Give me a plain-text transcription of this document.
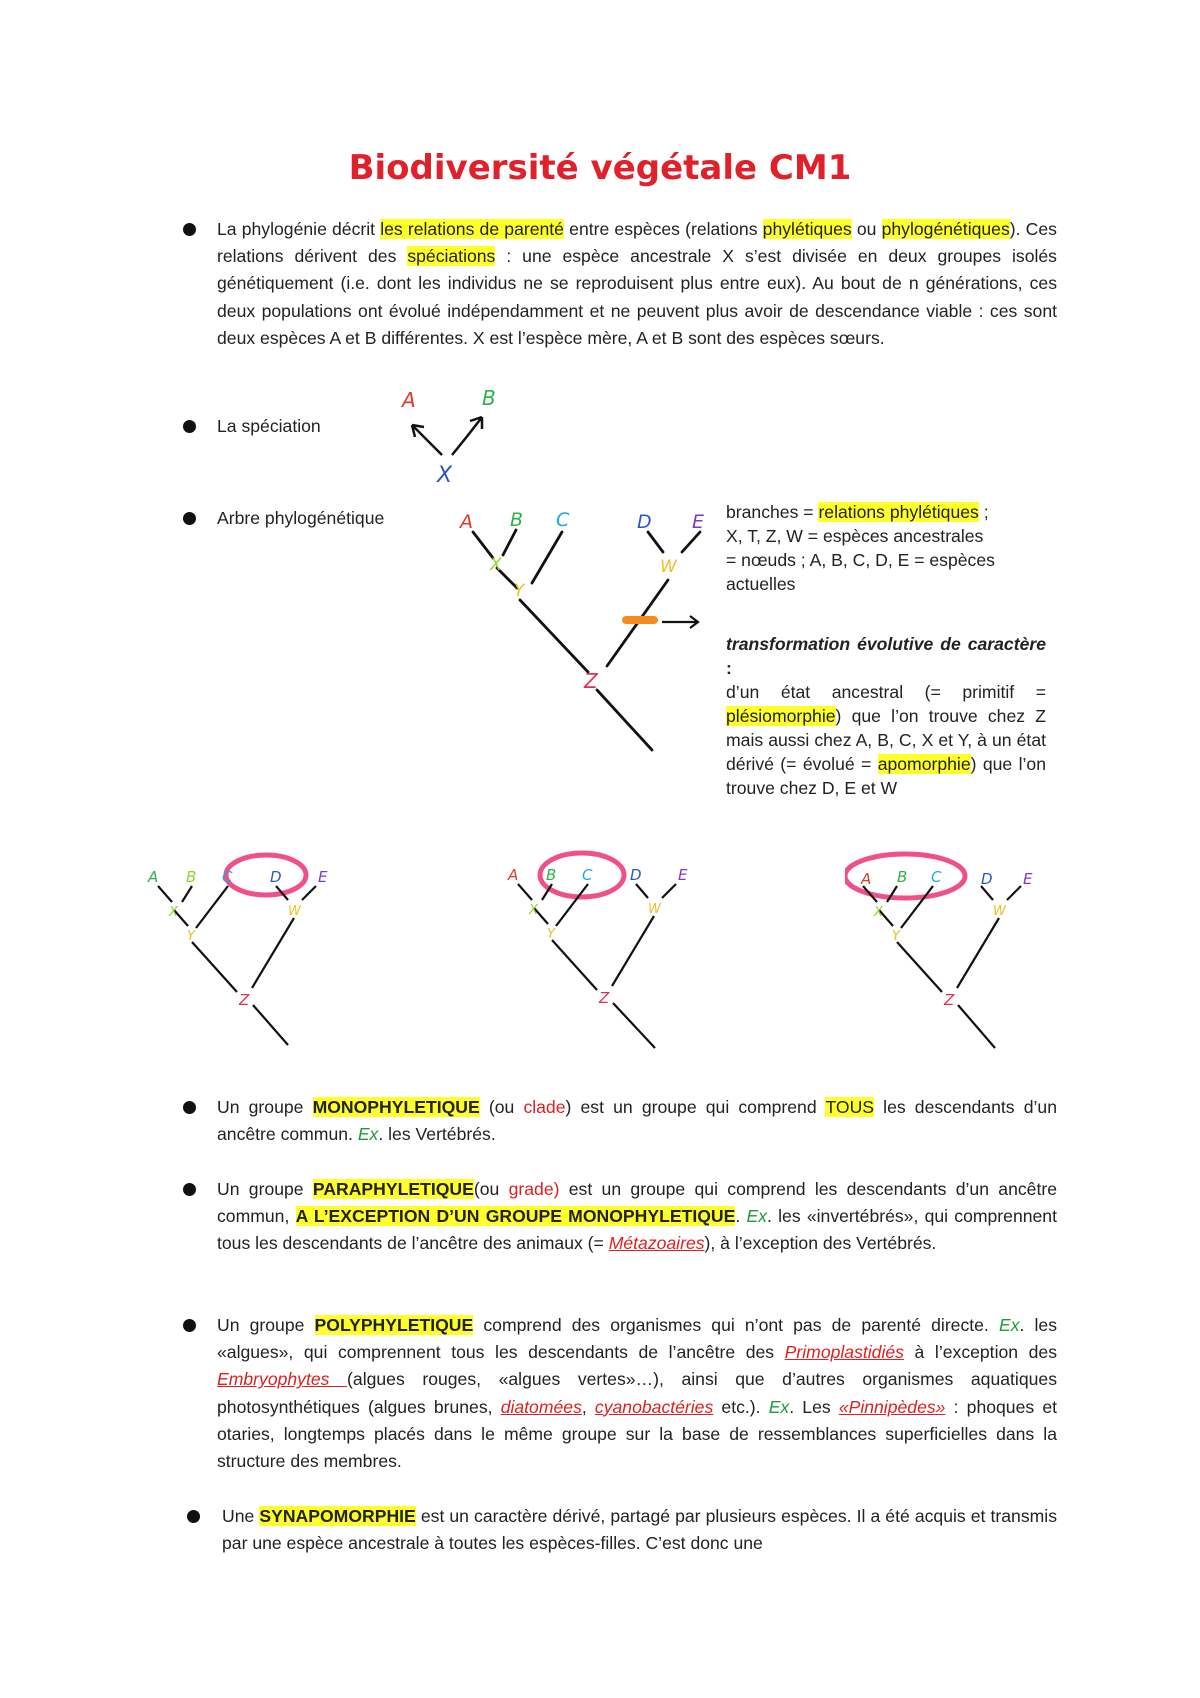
Biodiversité végétale CM1
La phylogénie décrit les relations de parenté entre espèces (relations phylétiques ou phylogénétiques). Ces relations dérivent des spéciations : une espèce ancestrale X s’est divisée en deux groupes isolés génétiquement (i.e. dont les individus ne se reproduisent plus entre eux). Au bout de n générations, ces deux populations ont évolué indépendamment et ne peuvent plus avoir de descendance viable : ces sont deux espèces A et B différentes. X est l’espèce mère, A et B sont des espèces sœurs.
La spéciation
A	B
X
Arbre phylogénétique	A B C	D E
X
Y
W
Z
branches = relations phylétiques ;
X, T, Z, W = espèces ancestrales
= nœuds ; A, B, C, D, E = espèces actuelles
transformation évolutive de caractère :
d’un état ancestral (= primitif = plésiomorphie) que l’on trouve chez Z mais aussi chez A, B, C, X et Y, à un état dérivé (= évolué = apomorphie) que l’on trouve chez D, E et W
A B C	D E
X
Y
W
Z
A B C	D E
X
Y
W
Z
A B C	D E
X
Y
W
Z
Un groupe MONOPHYLETIQUE (ou clade) est un groupe qui comprend TOUS les descendants d’un ancêtre commun. Ex. les Vertébrés.
Un groupe PARAPHYLETIQUE(ou grade) est un groupe qui comprend les descendants d’un ancêtre commun, A L’EXCEPTION D’UN GROUPE MONOPHYLETIQUE. Ex. les «invertébrés», qui comprennent tous les descendants de l’ancêtre des animaux (= Métazoaires), à l’exception des Vertébrés.
Un groupe POLYPHYLETIQUE comprend des organismes qui n’ont pas de parenté directe. Ex. les «algues», qui comprennent tous les descendants de l’ancêtre des Primoplastidiés à l’exception des Embryophytes (algues rouges, «algues vertes»…), ainsi que d’autres organismes aquatiques photosynthétiques (algues brunes, diatomées, cyanobactéries etc.). Ex. Les «Pinnipèdes» : phoques et otaries, longtemps placés dans le même groupe sur la base de ressemblances superficielles dans la structure des membres.
Une SYNAPOMORPHIE est un caractère dérivé, partagé par plusieurs espèces. Il a été acquis et transmis par une espèce ancestrale à toutes les espèces-filles. C’est donc une
